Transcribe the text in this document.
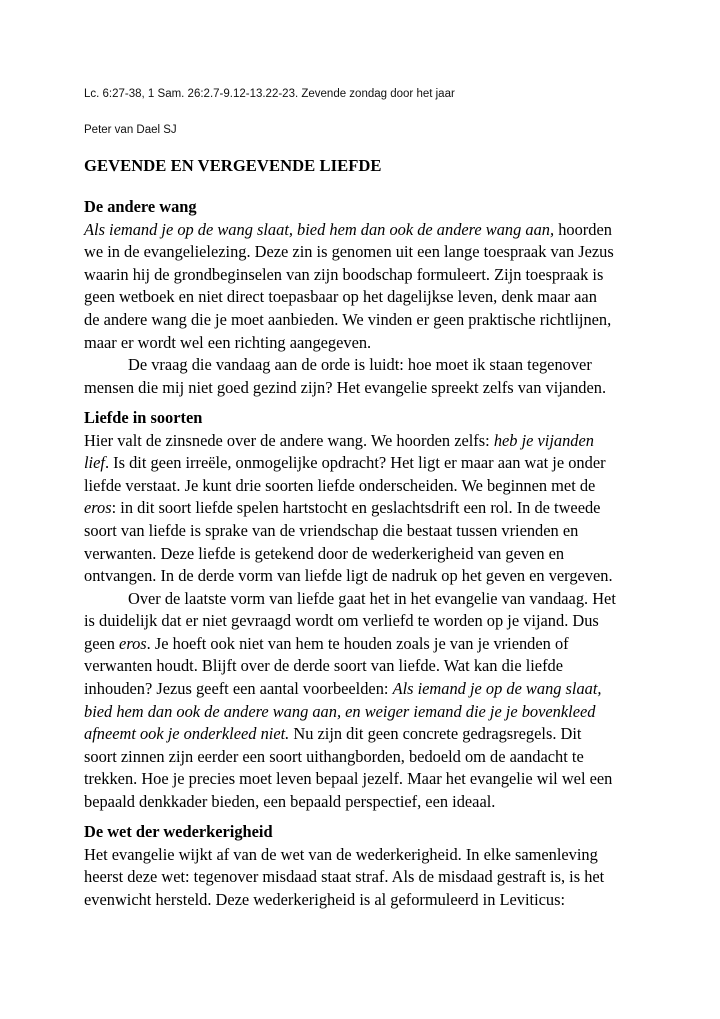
Lc. 6:27-38, 1 Sam. 26:2.7-9.12-13.22-23. Zevende zondag door het jaar
Peter van Dael SJ
GEVENDE EN VERGEVENDE LIEFDE
De andere wang
Als iemand je op de wang slaat, bied hem dan ook de andere wang aan, hoorden
we in de evangelielezing. Deze zin is genomen uit een lange toespraak van Jezus
waarin hij de grondbeginselen van zijn boodschap formuleert. Zijn toespraak is
geen wetboek en niet direct toepasbaar op het dagelijkse leven, denk maar aan
de andere wang die je moet aanbieden. We vinden er geen praktische richtlijnen,
maar er wordt wel een richting aangegeven.
De vraag die vandaag aan de orde is luidt: hoe moet ik staan tegenover
mensen die mij niet goed gezind zijn? Het evangelie spreekt zelfs van vijanden.
Liefde in soorten
Hier valt de zinsnede over de andere wang. We hoorden zelfs: heb je vijanden
lief. Is dit geen irreële, onmogelijke opdracht? Het ligt er maar aan wat je onder
liefde verstaat. Je kunt drie soorten liefde onderscheiden. We beginnen met de
eros: in dit soort liefde spelen hartstocht en geslachtsdrift een rol. In de tweede
soort van liefde is sprake van de vriendschap die bestaat tussen vrienden en
verwanten. Deze liefde is getekend door de wederkerigheid van geven en
ontvangen. In de derde vorm van liefde ligt de nadruk op het geven en vergeven.
Over de laatste vorm van liefde gaat het in het evangelie van vandaag. Het
is duidelijk dat er niet gevraagd wordt om verliefd te worden op je vijand. Dus
geen eros. Je hoeft ook niet van hem te houden zoals je van je vrienden of
verwanten houdt. Blijft over de derde soort van liefde. Wat kan die liefde
inhouden? Jezus geeft een aantal voorbeelden: Als iemand je op de wang slaat,
bied hem dan ook de andere wang aan, en weiger iemand die je je bovenkleed
afneemt ook je onderkleed niet. Nu zijn dit geen concrete gedragsregels. Dit
soort zinnen zijn eerder een soort uithangborden, bedoeld om de aandacht te
trekken. Hoe je precies moet leven bepaal jezelf. Maar het evangelie wil wel een
bepaald denkkader bieden, een bepaald perspectief, een ideaal.
De wet der wederkerigheid
Het evangelie wijkt af van de wet van de wederkerigheid. In elke samenleving
heerst deze wet: tegenover misdaad staat straf. Als de misdaad gestraft is, is het
evenwicht hersteld. Deze wederkerigheid is al geformuleerd in Leviticus:
